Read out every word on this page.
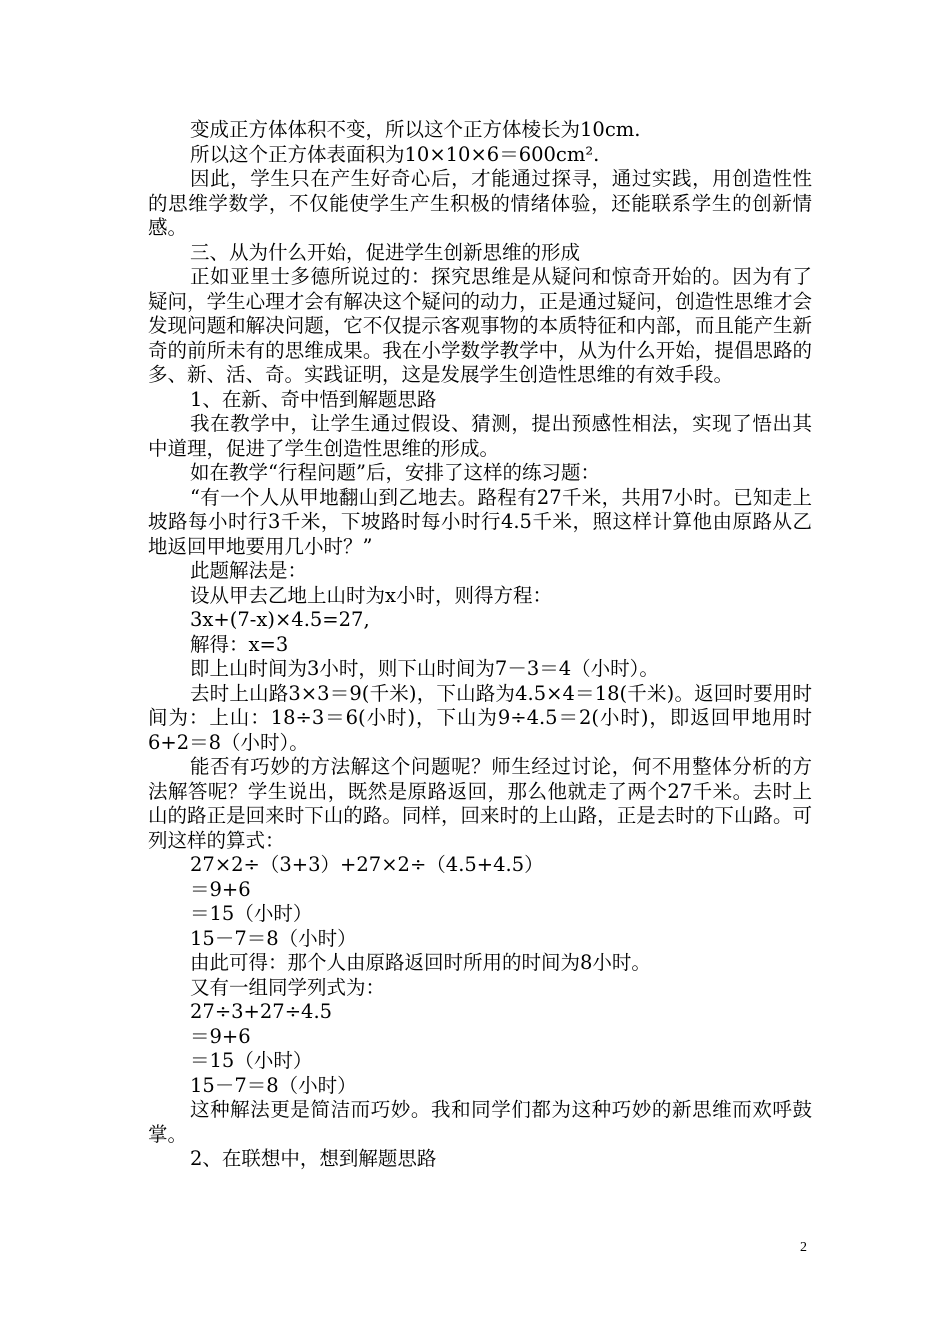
变成正方体体积不变，所以这个正方体棱长为10cm.

所以这个正方体表面积为10×10×6＝600cm².

因此，学生只在产生好奇心后，才能通过探寻，通过实践，用创造性性的思维学数学，不仅能使学生产生积极的情绪体验，还能联系学生的创新情感。

三、从为什么开始，促进学生创新思维的形成

正如亚里士多德所说过的：探究思维是从疑问和惊奇开始的。因为有了疑问，学生心理才会有解决这个疑问的动力，正是通过疑问，创造性思维才会发现问题和解决问题，它不仅提示客观事物的本质特征和内部，而且能产生新奇的前所未有的思维成果。我在小学数学教学中，从为什么开始，提倡思路的多、新、活、奇。实践证明，这是发展学生创造性思维的有效手段。

1、在新、奇中悟到解题思路

我在教学中，让学生通过假设、猜测，提出预感性相法，实现了悟出其中道理，促进了学生创造性思维的形成。

如在教学“行程问题”后，安排了这样的练习题：

“有一个人从甲地翻山到乙地去。路程有27千米，共用7小时。已知走上坡路每小时行3千米，下坡路时每小时行4.5千米，照这样计算他由原路从乙地返回甲地要用几小时？”

此题解法是：

设从甲去乙地上山时为x小时，则得方程：

3x+(7-x)×4.5=27,

解得：x=3

即上山时间为3小时，则下山时间为7－3＝4（小时）。

去时上山路3×3＝9(千米)，下山路为4.5×4＝18(千米)。返回时要用时间为：上山：18÷3＝6(小时)，下山为9÷4.5＝2(小时)，即返回甲地用时6+2＝8（小时）。

能否有巧妙的方法解这个问题呢？师生经过讨论，何不用整体分析的方法解答呢？学生说出，既然是原路返回，那么他就走了两个27千米。去时上山的路正是回来时下山的路。同样，回来时的上山路，正是去时的下山路。可列这样的算式：

27×2÷（3+3）+27×2÷（4.5+4.5）

＝9+6

＝15（小时）

15－7＝8（小时）

由此可得：那个人由原路返回时所用的时间为8小时。

又有一组同学列式为：

27÷3+27÷4.5

＝9+6

＝15（小时）

15－7＝8（小时）

这种解法更是简洁而巧妙。我和同学们都为这种巧妙的新思维而欢呼鼓掌。

2、在联想中，想到解题思路

2
